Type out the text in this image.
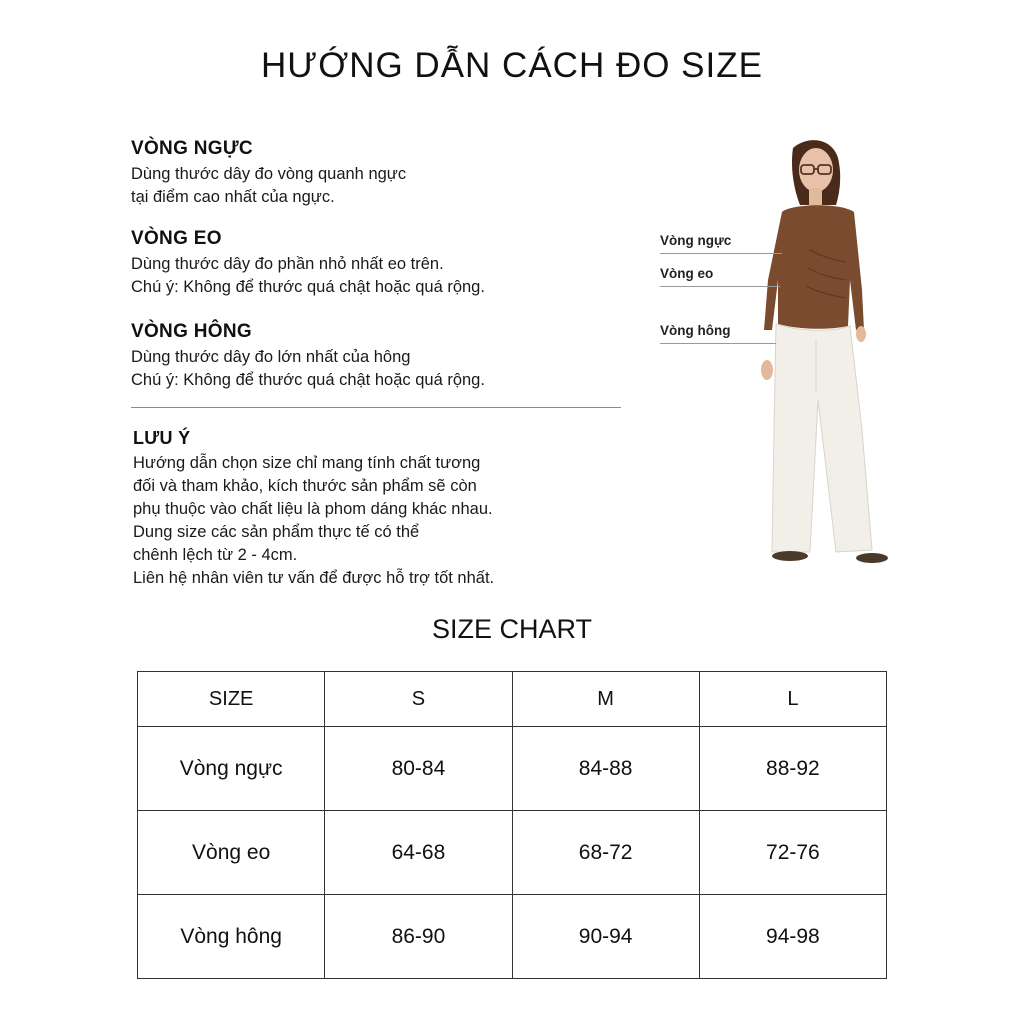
HƯỚNG DẪN CÁCH ĐO SIZE
VÒNG NGỰC

Dùng thước dây đo vòng quanh ngực

tại điểm cao nhất của ngực.

VÒNG EO

Dùng thước dây đo phần nhỏ nhất eo trên.

Chú ý: Không để thước quá chật hoặc quá rộng.

VÒNG HÔNG

Dùng thước dây đo lớn nhất của hông

Chú ý: Không để thước quá chật hoặc quá rộng.

LƯU Ý

Hướng dẫn chọn size chỉ mang tính chất tương

đối và tham khảo, kích thước sản phẩm sẽ còn

phụ thuộc vào chất liệu là phom dáng khác nhau.

Dung size các sản phẩm thực tế có thể

chênh lệch từ 2 - 4cm.

Liên hệ nhân viên tư vấn để được hỗ trợ tốt nhất.

Vòng ngực
Vòng eo
Vòng hông
SIZE CHART
SIZE	S	M	L
Vòng ngực	80-84	84-88	88-92
Vòng eo	64-68	68-72	72-76
Vòng hông	86-90	90-94	94-98
